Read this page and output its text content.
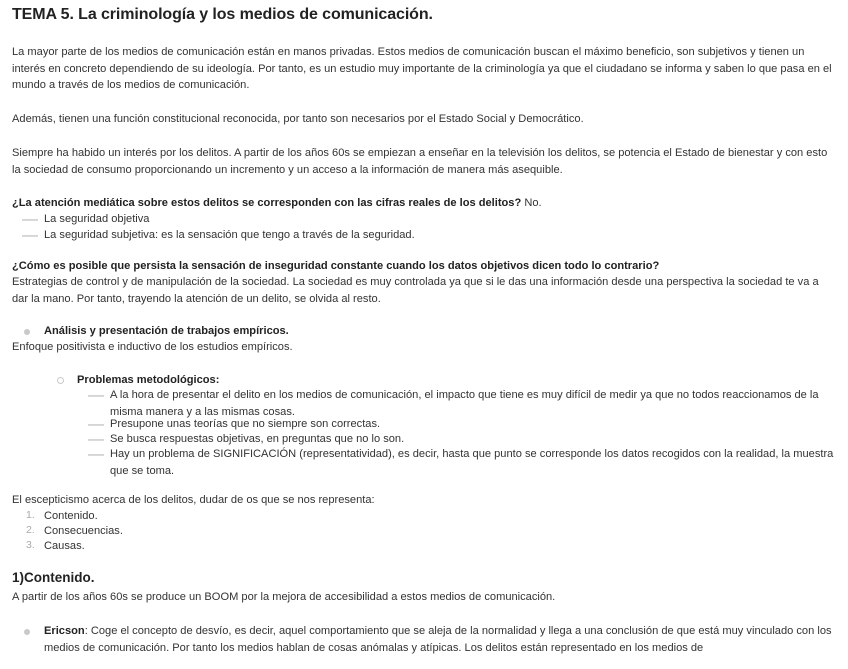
TEMA 5. La criminología y los medios de comunicación.
La mayor parte de los medios de comunicación están en manos privadas. Estos medios de comunicación buscan el máximo beneficio, son subjetivos y tienen un interés en concreto dependiendo de su ideología. Por tanto, es un estudio muy importante de la criminología ya que el ciudadano se informa y saben lo que pasa en el mundo a través de los medios de comunicación.
Además, tienen una función constitucional reconocida, por tanto son necesarios por el Estado Social y Democrático.
Siempre ha habido un interés por los delitos. A partir de los años 60s se empiezan a enseñar en la televisión los delitos, se potencia el Estado de bienestar y con esto la sociedad de consumo proporcionando un incremento y un acceso a la información de manera más asequible.
¿La atención mediática sobre estos delitos se corresponden con las cifras reales de los delitos? No.
— La seguridad objetiva
— La seguridad subjetiva: es la sensación que tengo a través de la seguridad.
¿Cómo es posible que persista la sensación de inseguridad constante cuando los datos objetivos dicen todo lo contrario?
Estrategias de control y de manipulación de la sociedad. La sociedad es muy controlada ya que si le das una información desde una perspectiva la sociedad te va a dar la mano. Por tanto, trayendo la atención de un delito, se olvida al resto.
Análisis y presentación de trabajos empíricos.
Enfoque positivista e inductivo de los estudios empíricos.
Problemas metodológicos:
— A la hora de presentar el delito en los medios de comunicación, el impacto que tiene es muy difícil de medir ya que no todos reaccionamos de la misma manera y a las mismas cosas.
— Presupone unas teorías que no siempre son correctas.
— Se busca respuestas objetivas, en preguntas que no lo son.
— Hay un problema de SIGNIFICACIÓN (representatividad), es decir, hasta que punto se corresponde los datos recogidos con la realidad, la muestra que se toma.
El escepticismo acerca de los delitos, dudar de os que se nos representa:
1. Contenido.
2. Consecuencias.
3. Causas.
1)Contenido.
A partir de los años 60s se produce un BOOM por la mejora de accesibilidad a estos medios de comunicación.
Ericson: Coge el concepto de desvío, es decir, aquel comportamiento que se aleja de la normalidad y llega a una conclusión de que está muy vinculado con los medios de comunicación. Por tanto los medios hablan de cosas anómalas y atípicas. Los delitos están representado en los medios de
